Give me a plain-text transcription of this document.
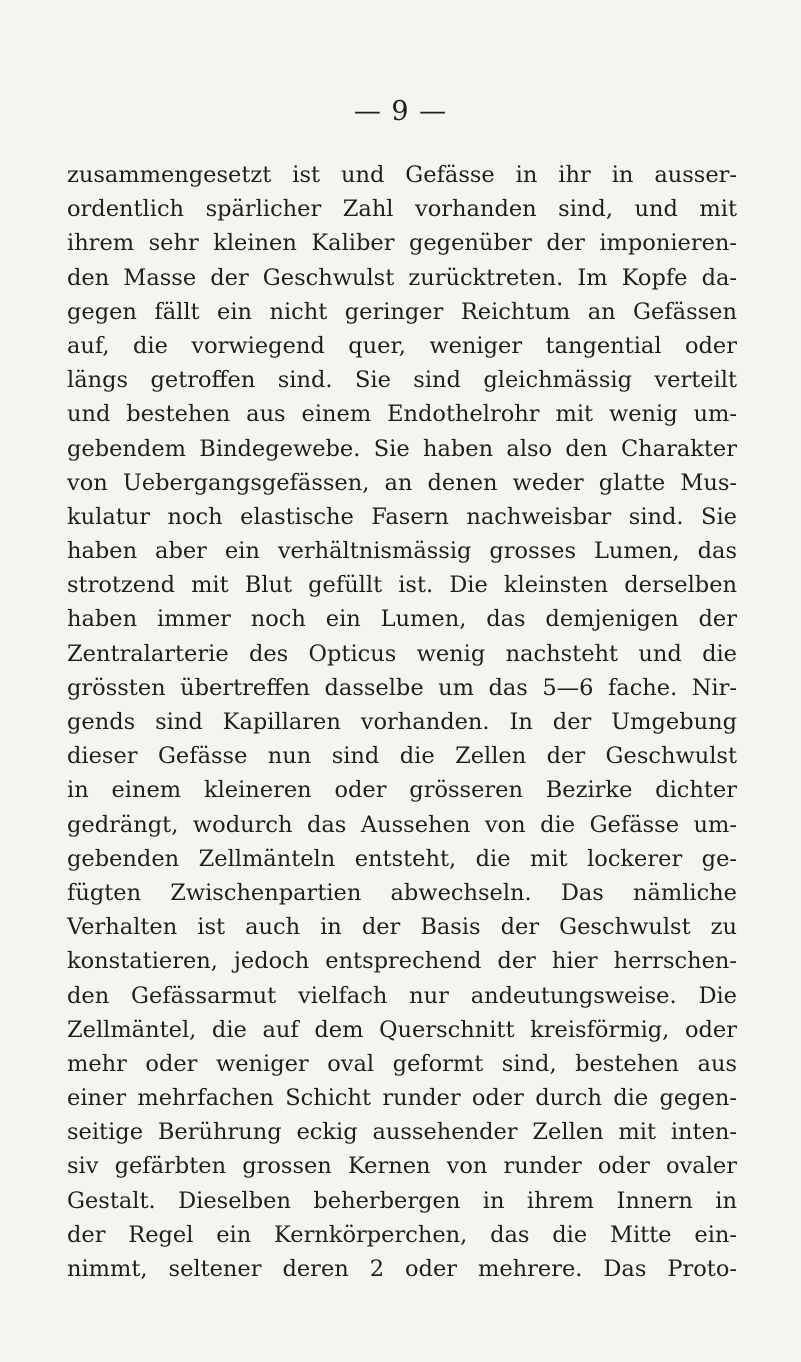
— 9 —
zusammengesetzt ist und Gefässe in ihr in ausser-
ordentlich spärlicher Zahl vorhanden sind, und mit
ihrem sehr kleinen Kaliber gegenüber der imponieren-
den Masse der Geschwulst zurücktreten. Im Kopfe da-
gegen fällt ein nicht geringer Reichtum an Gefässen
auf, die vorwiegend quer, weniger tangential oder
längs getroffen sind. Sie sind gleichmässig verteilt
und bestehen aus einem Endothelrohr mit wenig um-
gebendem Bindegewebe. Sie haben also den Charakter
von Uebergangsgefässen, an denen weder glatte Mus-
kulatur noch elastische Fasern nachweisbar sind. Sie
haben aber ein verhältnismässig grosses Lumen, das
strotzend mit Blut gefüllt ist. Die kleinsten derselben
haben immer noch ein Lumen, das demjenigen der
Zentralarterie des Opticus wenig nachsteht und die
grössten übertreffen dasselbe um das 5—6 fache. Nir-
gends sind Kapillaren vorhanden. In der Umgebung
dieser Gefässe nun sind die Zellen der Geschwulst
in einem kleineren oder grösseren Bezirke dichter
gedrängt, wodurch das Aussehen von die Gefässe um-
gebenden Zellmänteln entsteht, die mit lockerer ge-
fügten Zwischenpartien abwechseln. Das nämliche
Verhalten ist auch in der Basis der Geschwulst zu
konstatieren, jedoch entsprechend der hier herrschen-
den Gefässarmut vielfach nur andeutungsweise. Die
Zellmäntel, die auf dem Querschnitt kreisförmig, oder
mehr oder weniger oval geformt sind, bestehen aus
einer mehrfachen Schicht runder oder durch die gegen-
seitige Berührung eckig aussehender Zellen mit inten-
siv gefärbten grossen Kernen von runder oder ovaler
Gestalt. Dieselben beherbergen in ihrem Innern in
der Regel ein Kernkörperchen, das die Mitte ein-
nimmt, seltener deren 2 oder mehrere. Das Proto-
